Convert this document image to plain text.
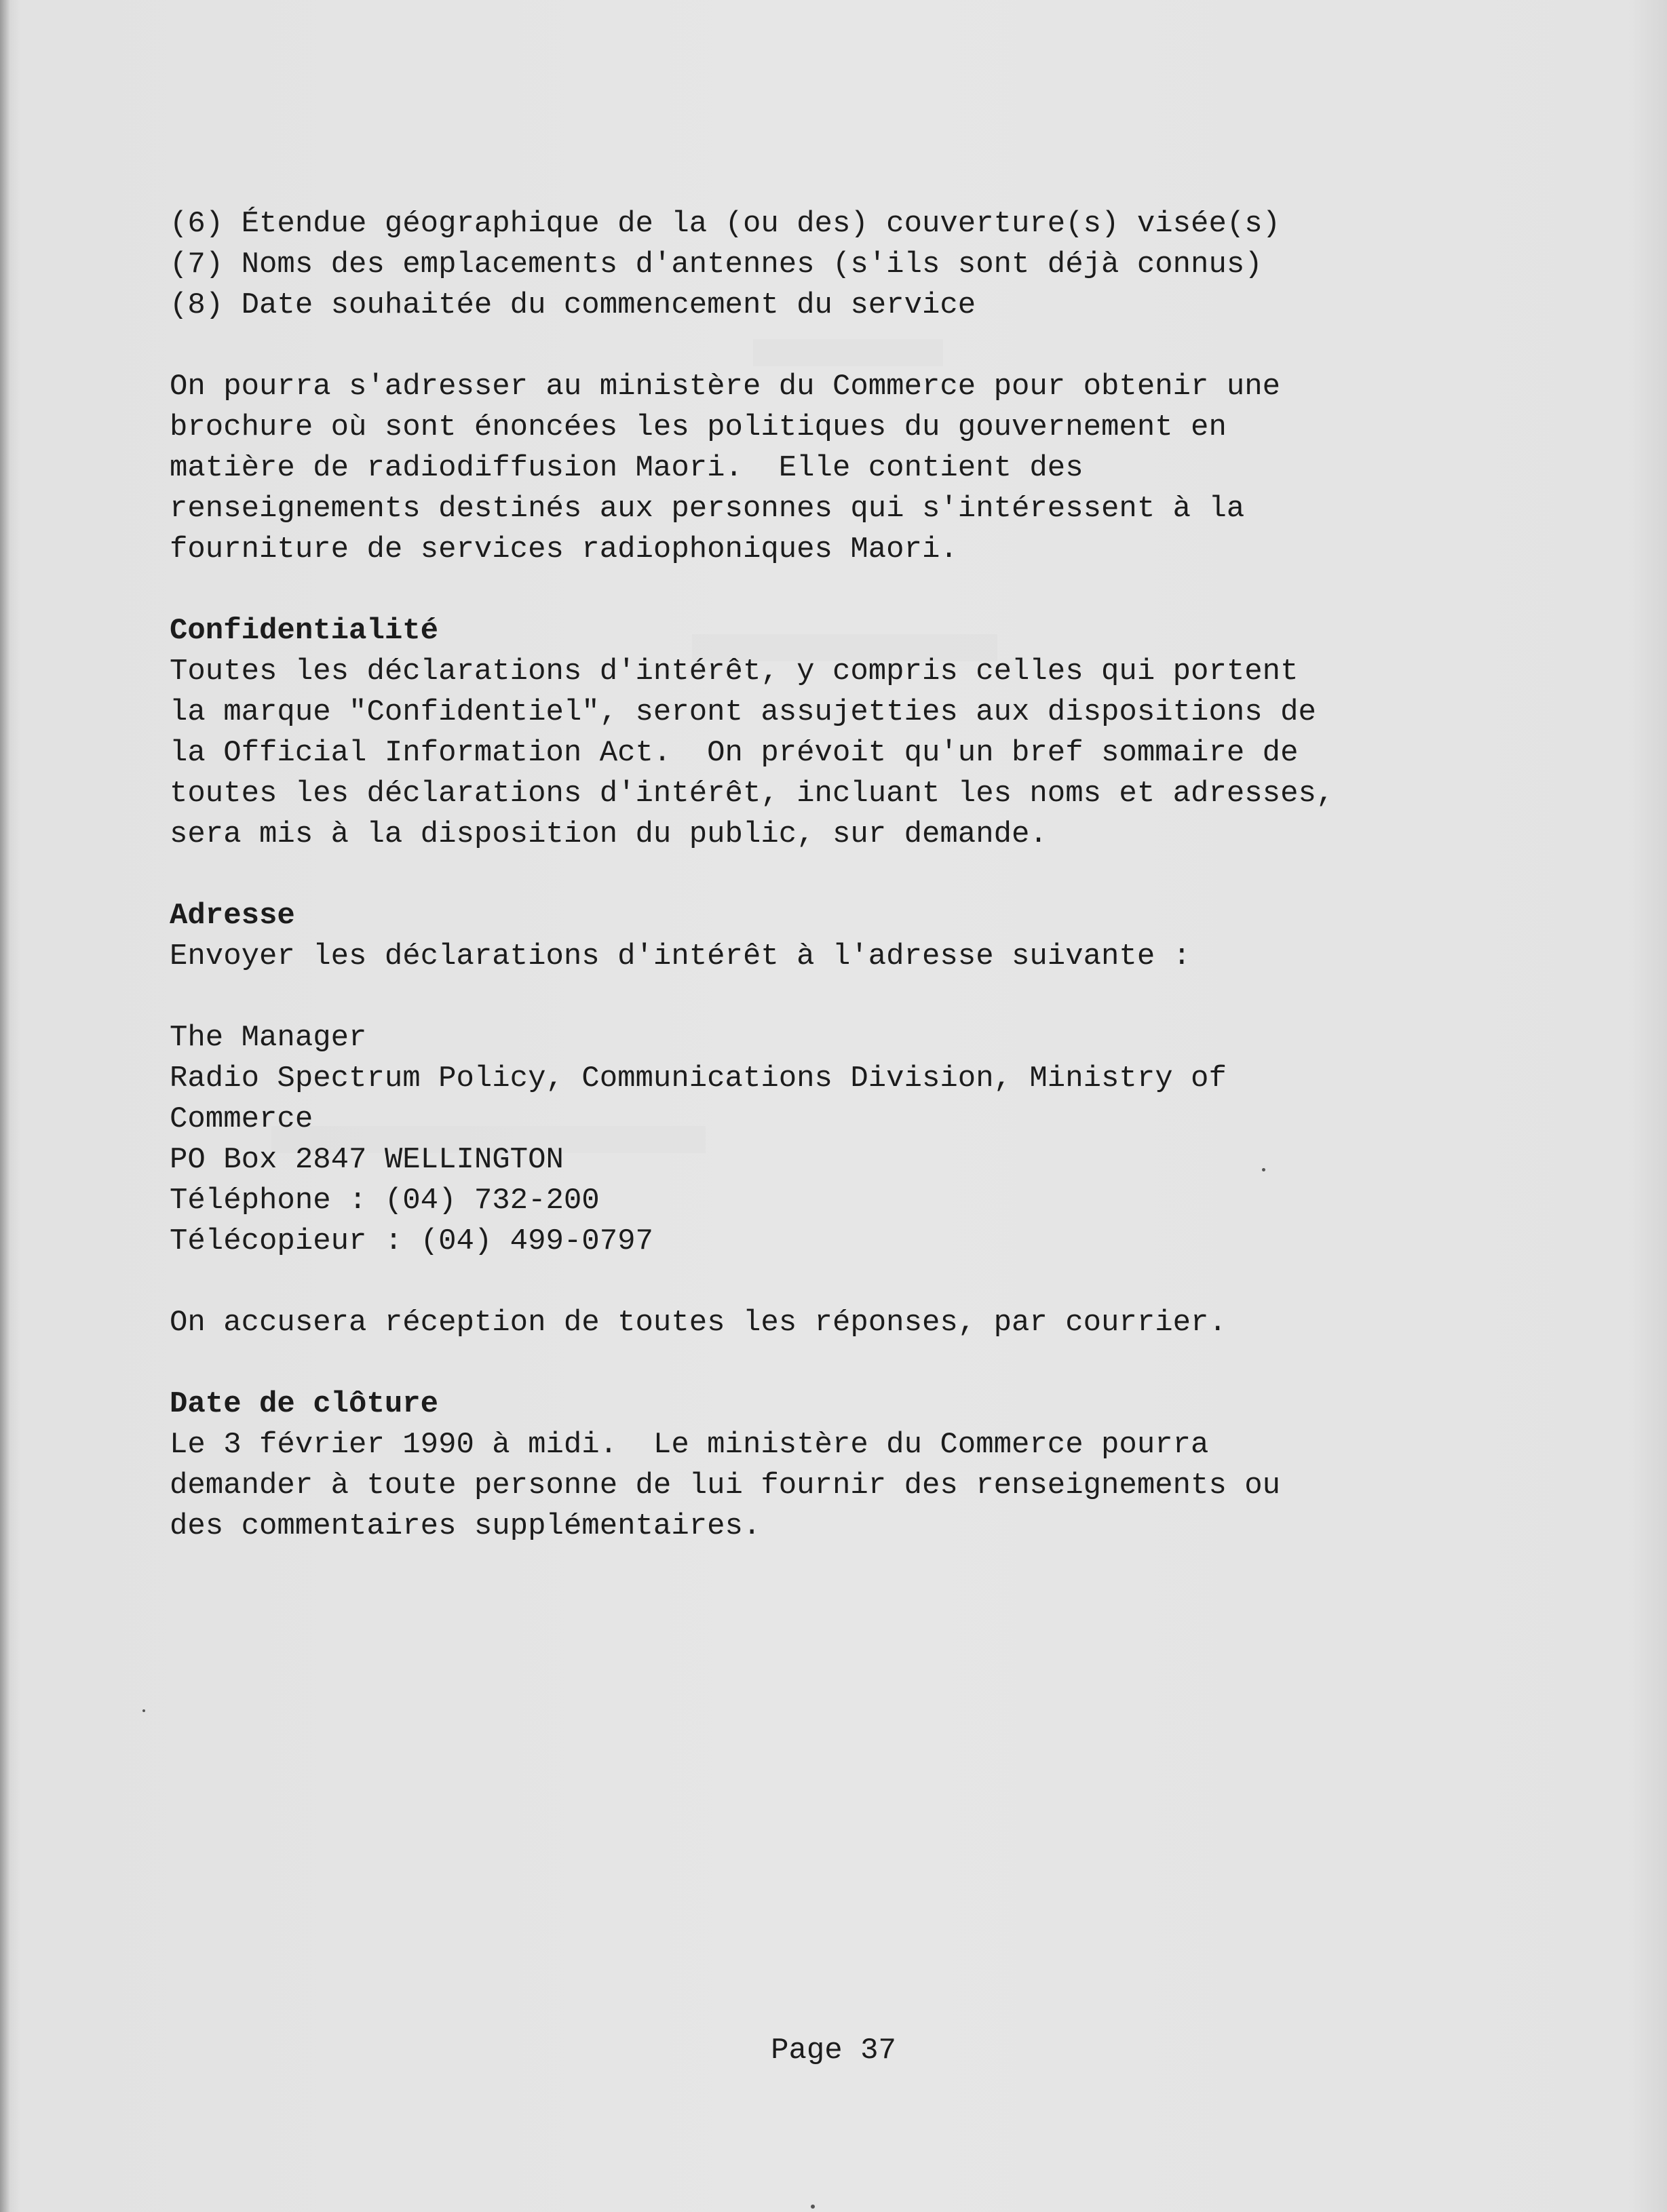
(6) Étendue géographique de la (ou des) couverture(s) visée(s)
(7) Noms des emplacements d'antennes (s'ils sont déjà connus)
(8) Date souhaitée du commencement du service
On pourra s'adresser au ministère du Commerce pour obtenir une
brochure où sont énoncées les politiques du gouvernement en
matière de radiodiffusion Maori.  Elle contient des
renseignements destinés aux personnes qui s'intéressent à la
fourniture de services radiophoniques Maori.
Confidentialité
Toutes les déclarations d'intérêt, y compris celles qui portent
la marque "Confidentiel", seront assujetties aux dispositions de
la Official Information Act.  On prévoit qu'un bref sommaire de
toutes les déclarations d'intérêt, incluant les noms et adresses,
sera mis à la disposition du public, sur demande.
Adresse
Envoyer les déclarations d'intérêt à l'adresse suivante :
The Manager
Radio Spectrum Policy, Communications Division, Ministry of
Commerce
PO Box 2847 WELLINGTON
Téléphone : (04) 732-200
Télécopieur : (04) 499-0797
On accusera réception de toutes les réponses, par courrier.
Date de clôture
Le 3 février 1990 à midi.  Le ministère du Commerce pourra
demander à toute personne de lui fournir des renseignements ou
des commentaires supplémentaires.
Page 37
